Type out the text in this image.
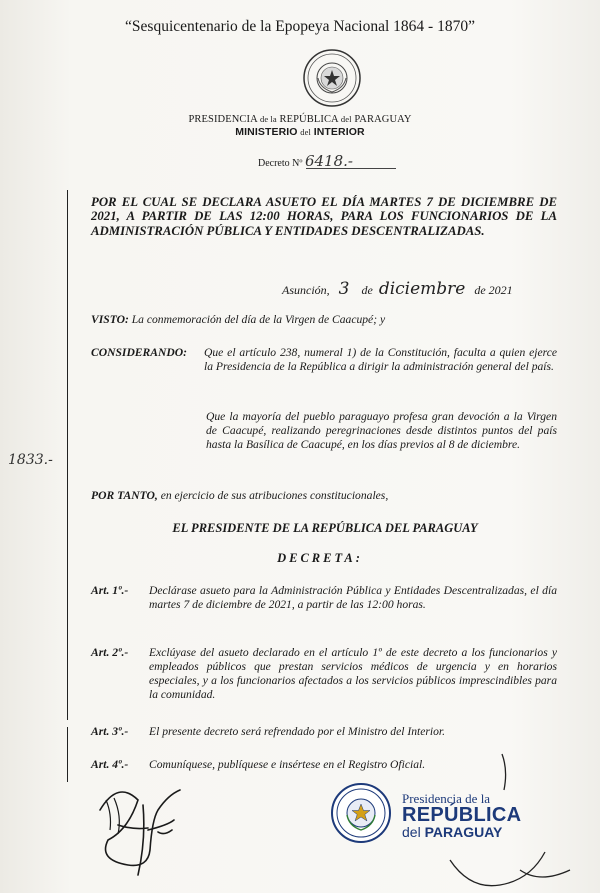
“Sesquicentenario de la Epopeya Nacional 1864 - 1870”
PRESIDENCIA de la REPÚBLICA del PARAGUAY
MINISTERIO del INTERIOR
Decreto Nº 6418.-
POR EL CUAL SE DECLARA ASUETO EL DÍA MARTES 7 DE DICIEMBRE DE 2021, A PARTIR DE LAS 12:00 HORAS, PARA LOS FUNCIONARIOS DE LA ADMINISTRACIÓN PÚBLICA Y ENTIDADES DESCENTRALIZADAS.
Asunción, 3 de diciembre de 2021
VISTO: La conmemoración del día de la Virgen de Caacupé; y
CONSIDERANDO: Que el artículo 238, numeral 1) de la Constitución, faculta a quien ejerce la Presidencia de la República a dirigir la administración general del país.
Que la mayoría del pueblo paraguayo profesa gran devoción a la Virgen de Caacupé, realizando peregrinaciones desde distintos puntos del país hasta la Basílica de Caacupé, en los días previos al 8 de diciembre.
1833.-
POR TANTO, en ejercicio de sus atribuciones constitucionales,
EL PRESIDENTE DE LA REPÚBLICA DEL PARAGUAY
DECRETA:
Art. 1º.- Declárase asueto para la Administración Pública y Entidades Descentralizadas, el día martes 7 de diciembre de 2021, a partir de las 12:00 horas.
Art. 2º.- Exclúyase del asueto declarado en el artículo 1º de este decreto a los funcionarios y empleados públicos que prestan servicios médicos de urgencia y en horarios especiales, y a los funcionarios afectados a los servicios públicos imprescindibles para la comunidad.
Art. 3º.- El presente decreto será refrendado por el Ministro del Interior.
Art. 4º.- Comuníquese, publíquese e insértese en el Registro Oficial.
Presidencia de la
REPÚBLICA
del PARAGUAY
